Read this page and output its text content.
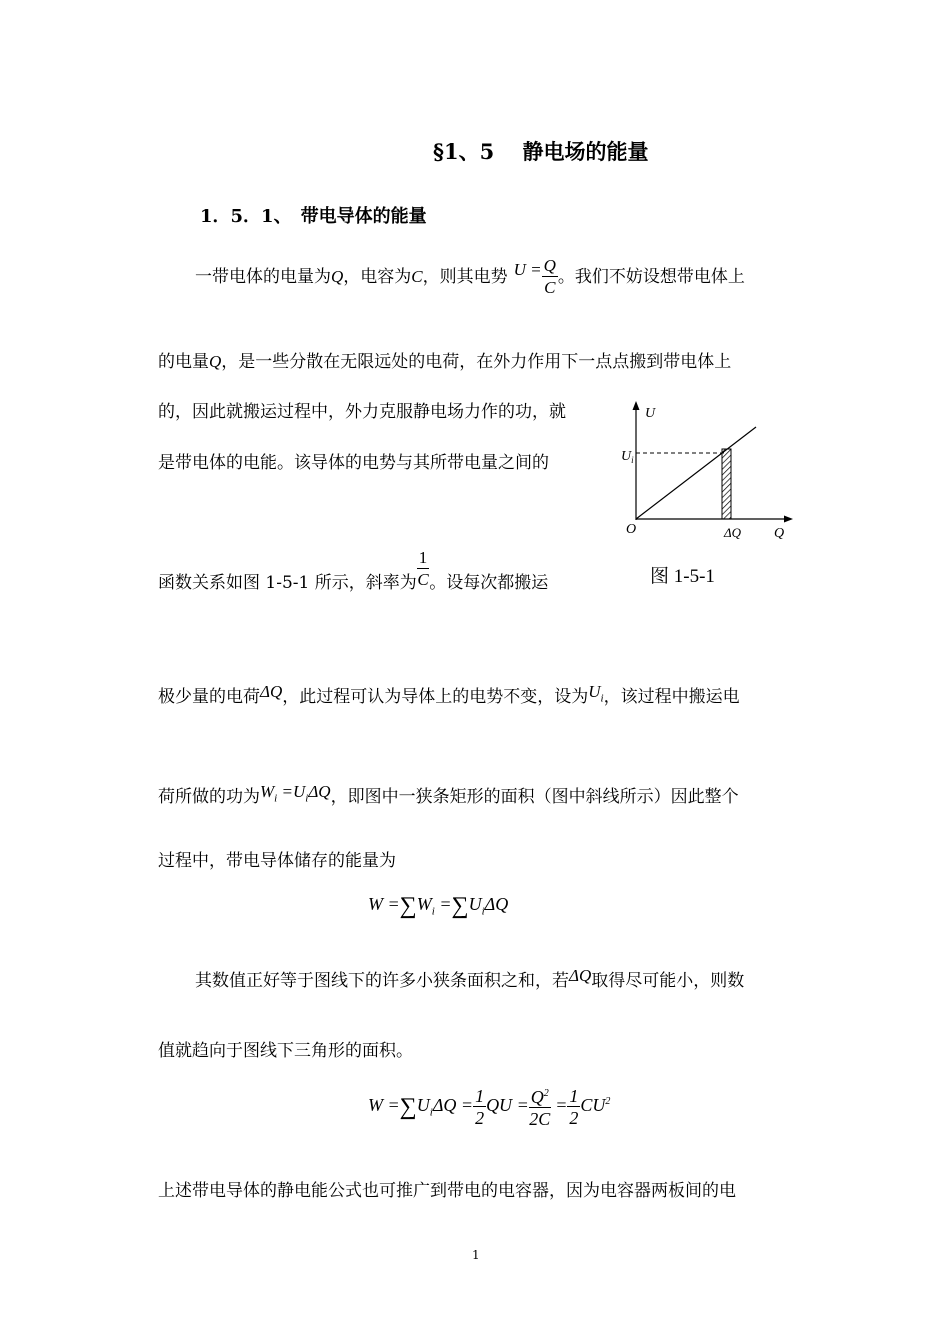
§1、5　 静电场的能量
1．5．1、　带电导体的能量
一带电体的电量为Q，电容为C，则其电势 $U = \frac{Q}{C}$ 。我们不妨设想带电体上
的电量Q，是一些分散在无限远处的电荷，在外力作用下一点点搬到带电体上
的，因此就搬运过程中，外力克服静电场力作的功，就
是带电体的电能。该导体的电势与其所带电量之间的
函数关系如图 1-5-1 所示，斜率为 $\frac{1}{C}$ 。设每次都搬运
U
$U_i$
O	ΔQ Q
图 1-5-1
极少量的电荷ΔQ，此过程可认为导体上的电势不变，设为$U_i$，该过程中搬运电
荷所做的功为$W_i =U_i\Delta Q$，即图中一狭条矩形的面积（图中斜线所示）因此整个
过程中，带电导体储存的能量为
$W =\sum W_i =\sum U_i\Delta Q$
其数值正好等于图线下的许多小狭条面积之和，若ΔQ取得尽可能小，则数
值就趋向于图线下三角形的面积。
$W =\sum U_i\Delta Q = \frac{1}{2}$ QU = $\frac{Q^2}{2C} = \frac{1}{2} CU^2$
上述带电导体的静电能公式也可推广到带电的电容器，因为电容器两板间的电
1
